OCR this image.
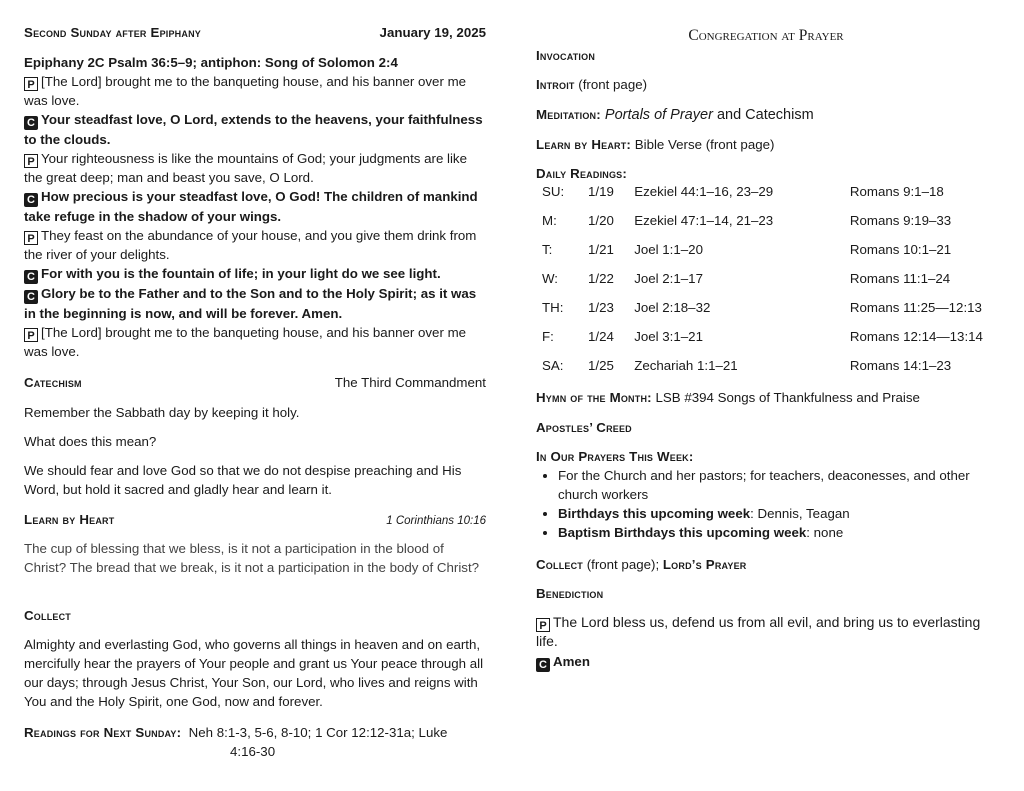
Second Sunday after Epiphany	January 19, 2025

Epiphany 2C Psalm 36:5–9; antiphon: Song of Solomon 2:4

P [The Lord] brought me to the banqueting house, and his banner over me was love.

C Your steadfast love, O Lord, extends to the heavens, your faithfulness to the clouds.

P Your righteousness is like the mountains of God; your judgments are like the great deep; man and beast you save, O Lord.

C How precious is your steadfast love, O God! The children of mankind take refuge in the shadow of your wings.

P They feast on the abundance of your house, and you give them drink from the river of your delights.

C For with you is the fountain of life; in your light do we see light.

C Glory be to the Father and to the Son and to the Holy Spirit; as it was in the beginning is now, and will be forever. Amen.

P [The Lord] brought me to the banqueting house, and his banner over me was love.

Catechism	The Third Commandment

Remember the Sabbath day by keeping it holy.

What does this mean?

We should fear and love God so that we do not despise preaching and His Word, but hold it sacred and gladly hear and learn it.

Learn by Heart	1 Corinthians 10:16

The cup of blessing that we bless, is it not a participation in the blood of Christ? The bread that we break, is it not a participation in the body of Christ?

Collect

Almighty and everlasting God, who governs all things in heaven and on earth, mercifully hear the prayers of Your people and grant us Your peace through all our days; through Jesus Christ, Your Son, our Lord, who lives and reigns with You and the Holy Spirit, one God, now and forever.

Readings for Next Sunday: Neh 8:1-3, 5-6, 8-10; 1 Cor 12:12-31a; Luke

4:16-30

Congregation at Prayer

Invocation

Introit (front page)

Meditation: Portals of Prayer and Catechism

Learn by Heart: Bible Verse (front page)

Daily Readings:

SU:	1/19	Ezekiel 44:1–16, 23–29	Romans 9:1–18
M:	1/20	Ezekiel 47:1–14, 21–23	Romans 9:19–33
T:	1/21	Joel 1:1–20	Romans 10:1–21
W:	1/22	Joel 2:1–17	Romans 11:1–24
TH:	1/23	Joel 2:18–32	Romans 11:25—12:13
F:	1/24	Joel 3:1–21	Romans 12:14—13:14
SA:	1/25	Zechariah 1:1–21	Romans 14:1–23

Hymn of the Month: LSB #394 Songs of Thankfulness and Praise

Apostles’ Creed

In Our Prayers This Week:

• For the Church and her pastors; for teachers, deaconesses, and other church workers
• Birthdays this upcoming week: Dennis, Teagan
• Baptism Birthdays this upcoming week: none

Collect (front page); Lord’s Prayer

Benediction

P The Lord bless us, defend us from all evil, and bring us to everlasting life.

C Amen
